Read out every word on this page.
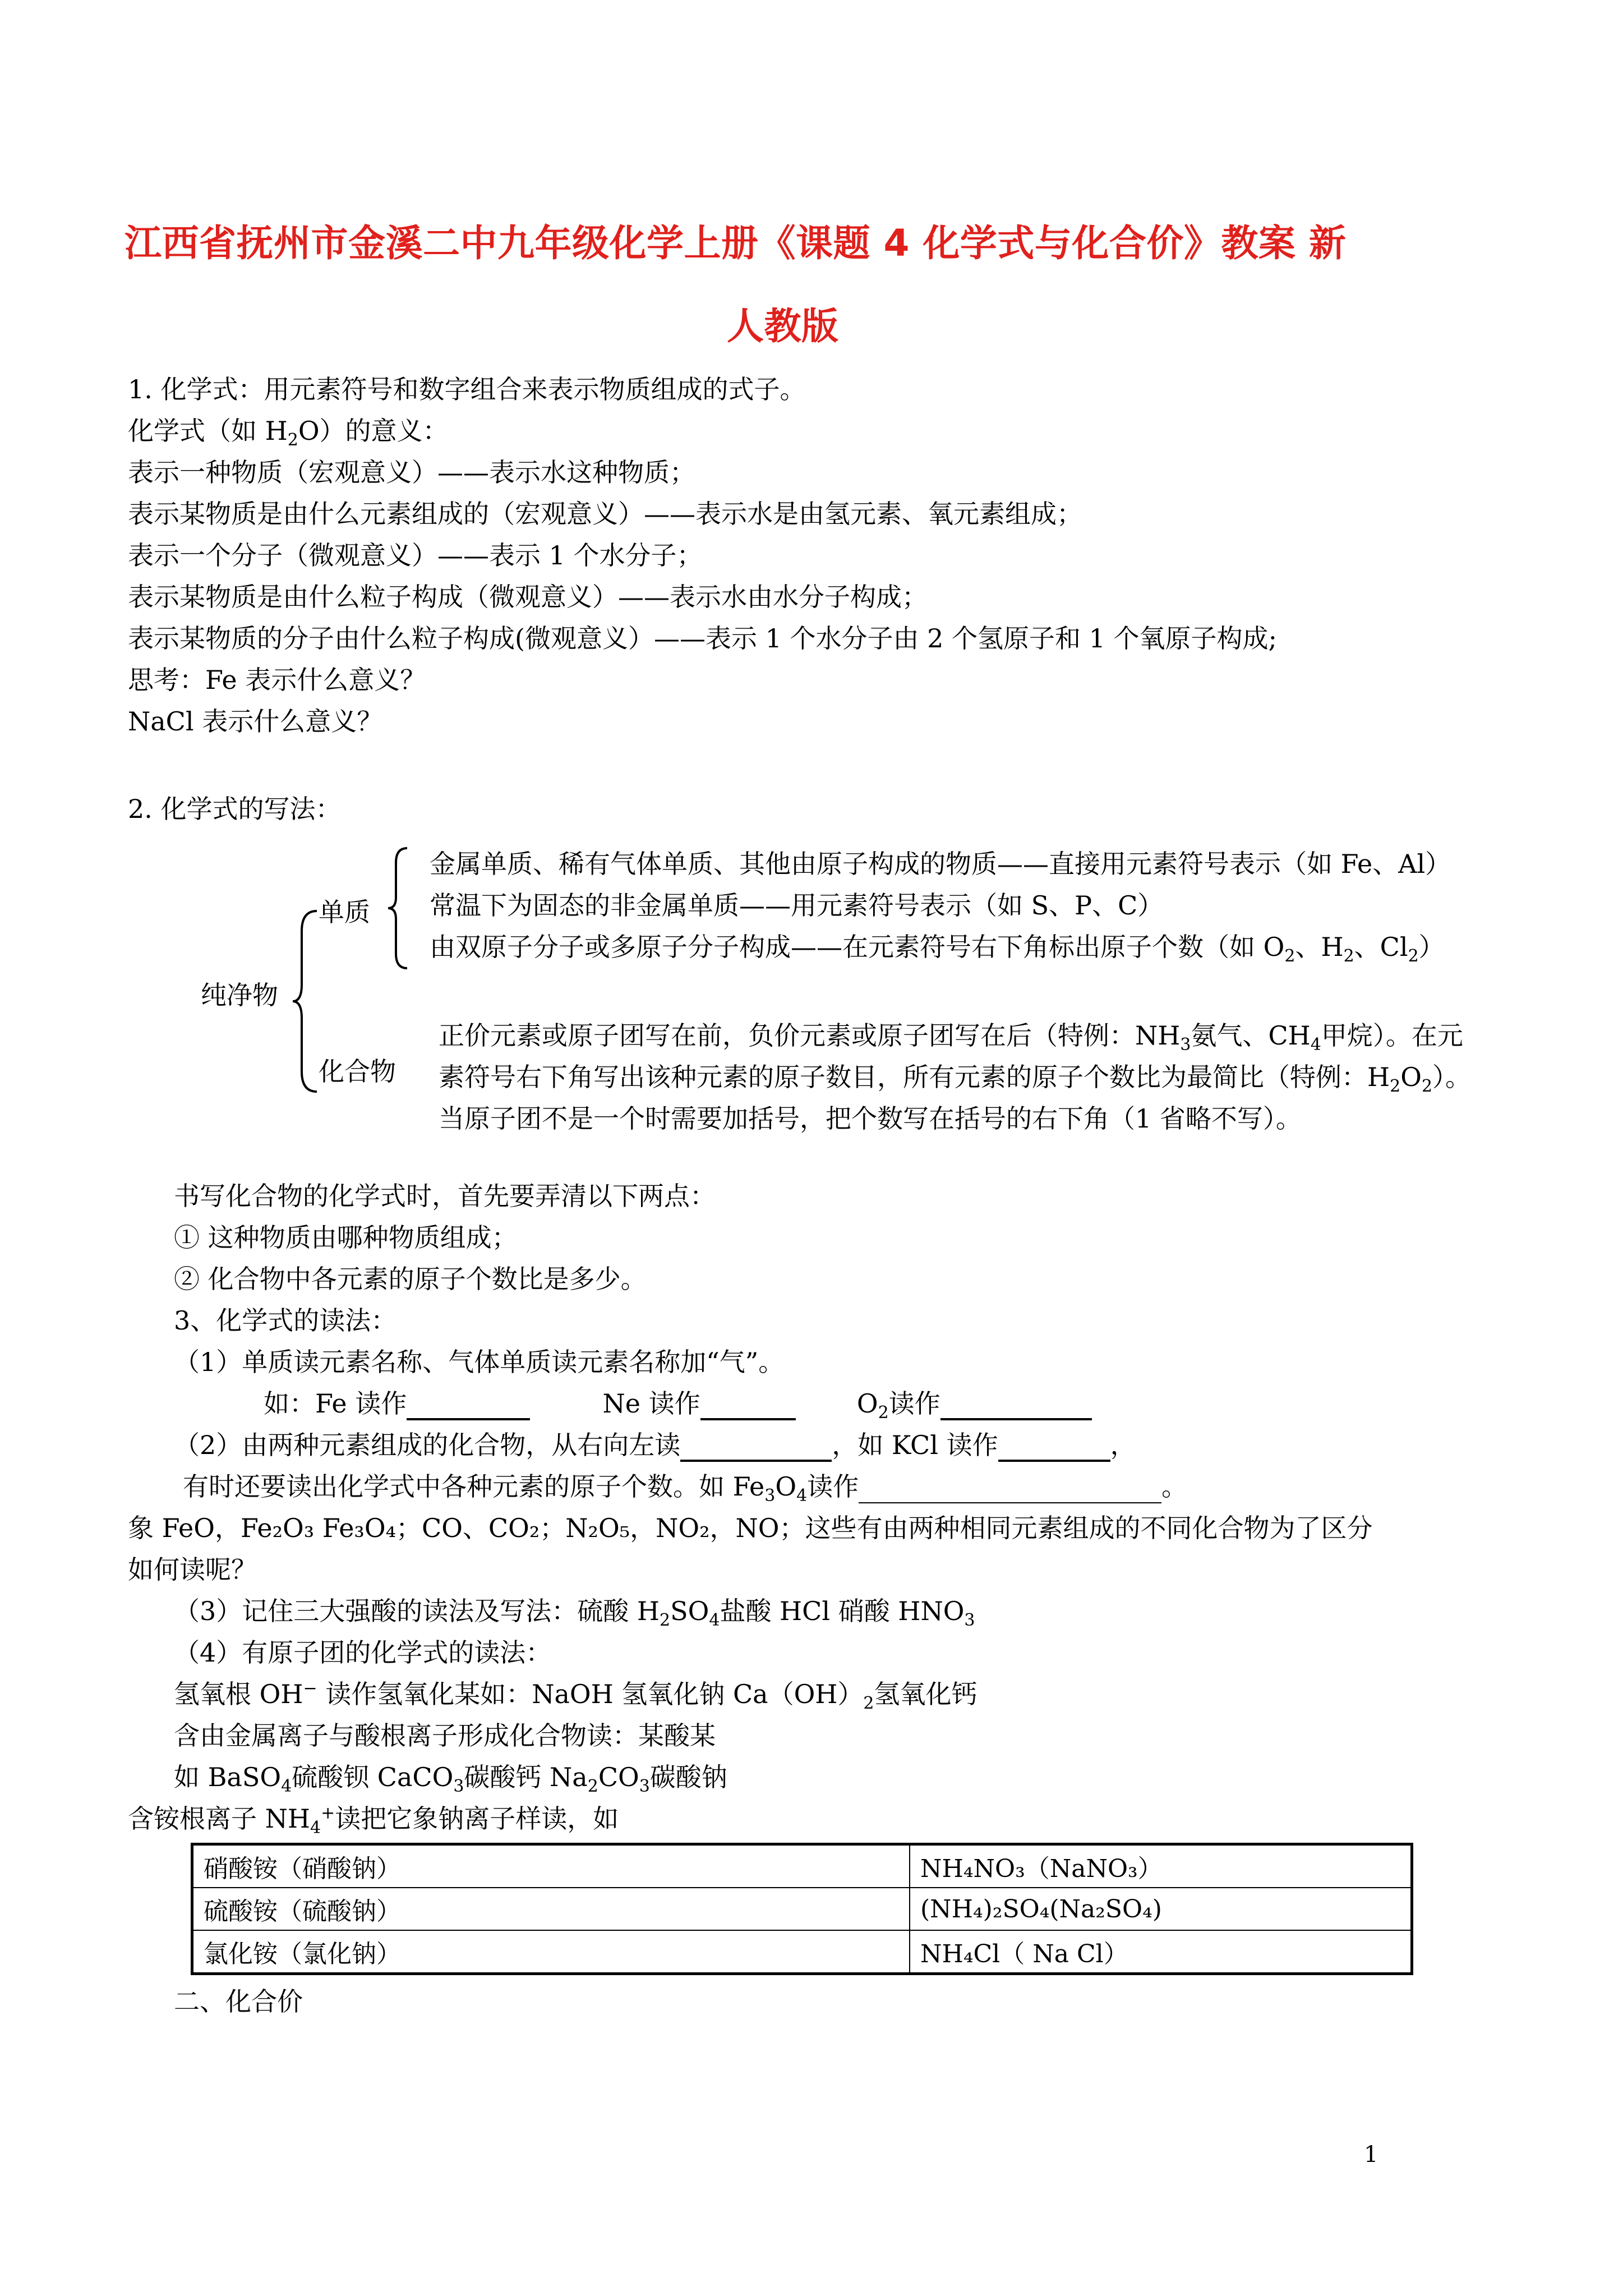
江西省抚州市金溪二中九年级化学上册《课题 4 化学式与化合价》教案 新
人教版
1. 化学式：用元素符号和数字组合来表示物质组成的式子。
化学式（如 $H_2O$）的意义：
表示一种物质（宏观意义）——表示水这种物质；
表示某物质是由什么元素组成的（宏观意义）——表示水是由氢元素、氧元素组成；
表示一个分子（微观意义）——表示 1 个水分子；
表示某物质是由什么粒子构成（微观意义）——表示水由水分子构成；
表示某物质的分子由什么粒子构成(微观意义）——表示 1 个水分子由 2 个氢原子和 1 个氧原子构成;
思考：Fe 表示什么意义？
NaCl 表示什么意义？
2. 化学式的写法：
纯净物
单质
化合物
金属单质、稀有气体单质、其他由原子构成的物质——直接用元素符号表示（如 Fe、Al）
常温下为固态的非金属单质——用元素符号表示（如 S、P、C）
由双原子分子或多原子分子构成——在元素符号右下角标出原子个数（如 $O_2$、$H_2$、$Cl_2$）
正价元素或原子团写在前，负价元素或原子团写在后（特例：$NH_3$氨气、$CH_4$甲烷）。在元
素符号右下角写出该种元素的原子数目，所有元素的原子个数比为最简比（特例：$H_2O_2$）。
当原子团不是一个时需要加括号，把个数写在括号的右下角（1 省略不写）。
书写化合物的化学式时，首先要弄清以下两点：
① 这种物质由哪种物质组成；
② 化合物中各元素的原子个数比是多少。
3、化学式的读法：
（1）单质读元素名称、气体单质读元素名称加“气”。
如：Fe 读作	Ne 读作	$O_2$读作
（2）由两种元素组成的化合物，从右向左读	，如 KCl 读作	，
有时还要读出化学式中各种元素的原子个数。如 $Fe_3O_4$读作	。
象 FeO，Fe₂O₃ Fe₃O₄；CO、CO₂；N₂O₅，NO₂，NO；这些有由两种相同元素组成的不同化合物为了区分
如何读呢？
（3）记住三大强酸的读法及写法：硫酸 $H_2SO_4$盐酸 HCl 硝酸 $HNO_3$
（4）有原子团的化学式的读法：
氢氧根 OH− 读作氢氧化某如：NaOH 氢氧化钠 $Ca(OH)_2$氢氧化钙
含由金属离子与酸根离子形成化合物读：某酸某
如 BaSO$_4$硫酸钡 CaCO$_3$碳酸钙 $Na_2CO_3$碳酸钠
含铵根离子 $NH_4^+$读把它象钠离子样读，如
硝酸铵（硝酸钠）	NH₄NO₃（NaNO₃）
硫酸铵（硫酸钠）	(NH₄)₂SO₄(Na₂SO₄)
氯化铵（氯化钠）	NH₄Cl（ Na Cl）
二、化合价
1
